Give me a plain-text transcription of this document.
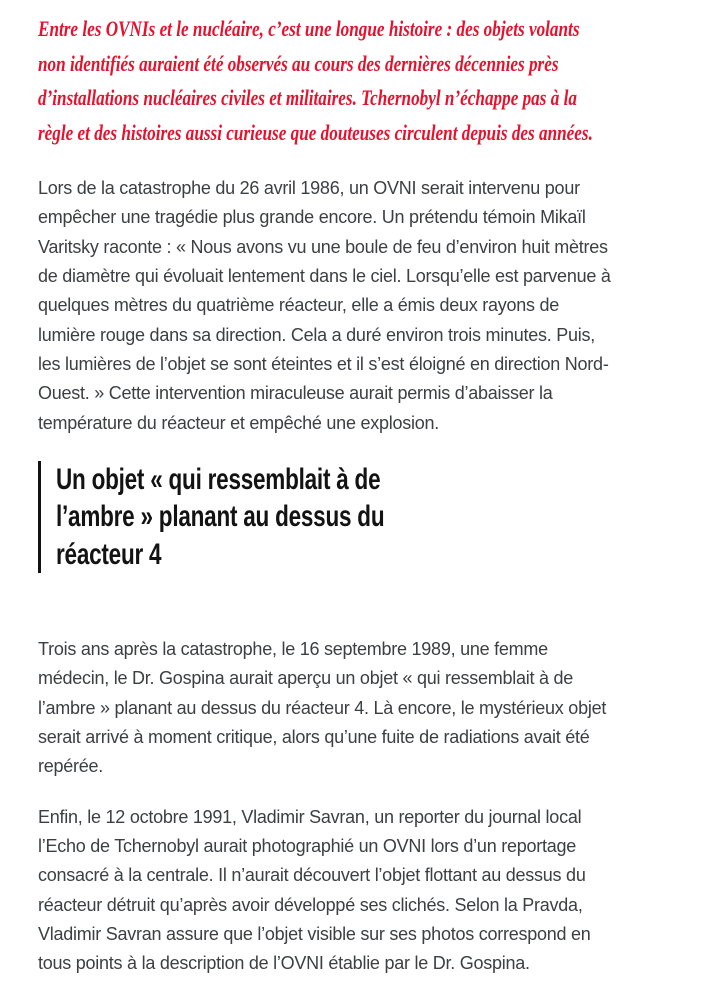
Entre les OVNIs et le nucléaire, c’est une longue histoire : des objets volants
non identifiés auraient été observés au cours des dernières décennies près
d’installations nucléaires civiles et militaires. Tchernobyl n’échappe pas à la
règle et des histoires aussi curieuse que douteuses circulent depuis des années.

Lors de la catastrophe du 26 avril 1986, un OVNI serait intervenu pour
empêcher une tragédie plus grande encore. Un prétendu témoin Mikaïl
Varitsky raconte : « Nous avons vu une boule de feu d’environ huit mètres
de diamètre qui évoluait lentement dans le ciel. Lorsqu’elle est parvenue à
quelques mètres du quatrième réacteur, elle a émis deux rayons de
lumière rouge dans sa direction. Cela a duré environ trois minutes. Puis,
les lumières de l’objet se sont éteintes et il s’est éloigné en direction Nord-
Ouest. » Cette intervention miraculeuse aurait permis d’abaisser la
température du réacteur et empêché une explosion.

Un objet « qui ressemblait à de
l’ambre » planant au dessus du
réacteur 4

Trois ans après la catastrophe, le 16 septembre 1989, une femme
médecin, le Dr. Gospina aurait aperçu un objet « qui ressemblait à de
l’ambre » planant au dessus du réacteur 4. Là encore, le mystérieux objet
serait arrivé à moment critique, alors qu’une fuite de radiations avait été
repérée.

Enfin, le 12 octobre 1991, Vladimir Savran, un reporter du journal local
l’Echo de Tchernobyl aurait photographié un OVNI lors d’un reportage
consacré à la centrale. Il n’aurait découvert l’objet flottant au dessus du
réacteur détruit qu’après avoir développé ses clichés. Selon la Pravda,
Vladimir Savran assure que l’objet visible sur ses photos correspond en
tous points à la description de l’OVNI établie par le Dr. Gospina.
